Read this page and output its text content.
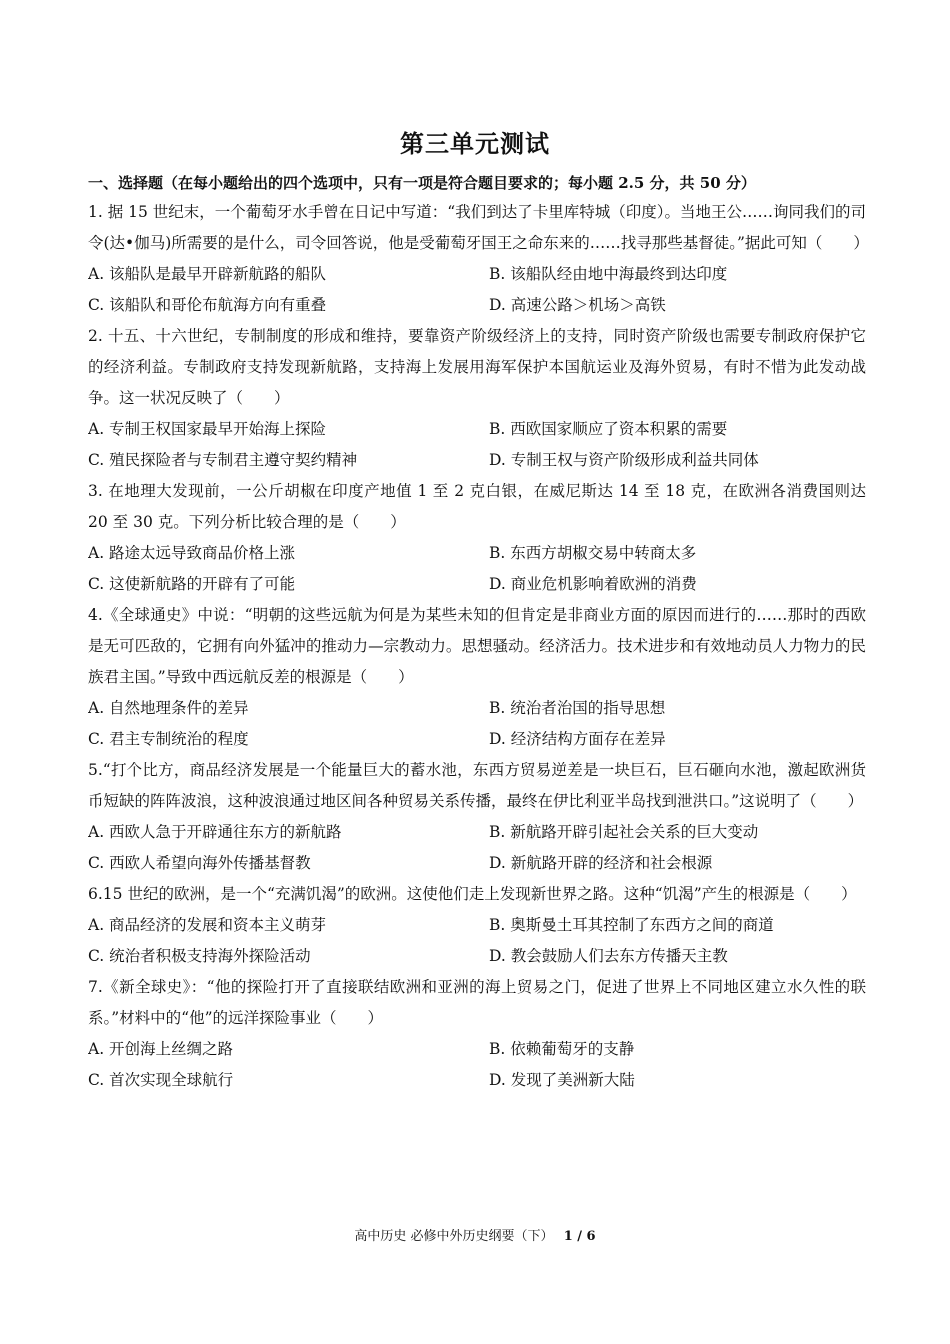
第三单元测试
一、选择题（在每小题给出的四个选项中，只有一项是符合题目要求的；每小题 2.5 分，共 50 分）

1. 据 15 世纪末，一个葡萄牙水手曾在日记中写道：“我们到达了卡里库特城（印度）。当地王公……询同我们的司令(达•伽马)所需要的是什么，司令回答说，他是受葡萄牙国王之命东来的……找寻那些基督徒。”据此可知（　　）

A. 该船队是最早开辟新航路的船队	B. 该船队经由地中海最终到达印度
C. 该船队和哥伦布航海方向有重叠	D. 高速公路＞机场＞高铁

2. 十五、十六世纪，专制制度的形成和维持，要靠资产阶级经济上的支持，同时资产阶级也需要专制政府保护它的经济利益。专制政府支持发现新航路，支持海上发展用海军保护本国航运业及海外贸易，有时不惜为此发动战争。这一状况反映了（　　）

A. 专制王权国家最早开始海上探险	B. 西欧国家顺应了资本积累的需要
C. 殖民探险者与专制君主遵守契约精神	D. 专制王权与资产阶级形成利益共同体

3. 在地理大发现前，一公斤胡椒在印度产地值 1 至 2 克白银，在威尼斯达 14 至 18 克，在欧洲各消费国则达 20 至 30 克。下列分析比较合理的是（　　）

A. 路途太远导致商品价格上涨	B. 东西方胡椒交易中转商太多
C. 这使新航路的开辟有了可能	D. 商业危机影响着欧洲的消费

4.《全球通史》中说：“明朝的这些远航为何是为某些未知的但肯定是非商业方面的原因而进行的……那时的西欧是无可匹敌的，它拥有向外猛冲的推动力—宗教动力。思想骚动。经济活力。技术进步和有效地动员人力物力的民族君主国。”导致中西远航反差的根源是（　　）

A. 自然地理条件的差异	B. 统治者治国的指导思想
C. 君主专制统治的程度	D. 经济结构方面存在差异

5.“打个比方，商品经济发展是一个能量巨大的蓄水池，东西方贸易逆差是一块巨石，巨石砸向水池，激起欧洲货币短缺的阵阵波浪，这种波浪通过地区间各种贸易关系传播，最终在伊比利亚半岛找到泄洪口。”这说明了（　　）

A. 西欧人急于开辟通往东方的新航路	B. 新航路开辟引起社会关系的巨大变动
C. 西欧人希望向海外传播基督教	D. 新航路开辟的经济和社会根源

6.15 世纪的欧洲，是一个“充满饥渴”的欧洲。这使他们走上发现新世界之路。这种“饥渴”产生的根源是（　　）

A. 商品经济的发展和资本主义萌芽	B. 奥斯曼土耳其控制了东西方之间的商道
C. 统治者积极支持海外探险活动	D. 教会鼓励人们去东方传播天主教

7.《新全球史》：“他的探险打开了直接联结欧洲和亚洲的海上贸易之门，促进了世界上不同地区建立水久性的联系。”材料中的“他”的远洋探险事业（　　）

A. 开创海上丝绸之路	B. 依赖葡萄牙的支静
C. 首次实现全球航行	D. 发现了美洲新大陆
高中历史 必修中外历史纲要（下） 1 / 6
